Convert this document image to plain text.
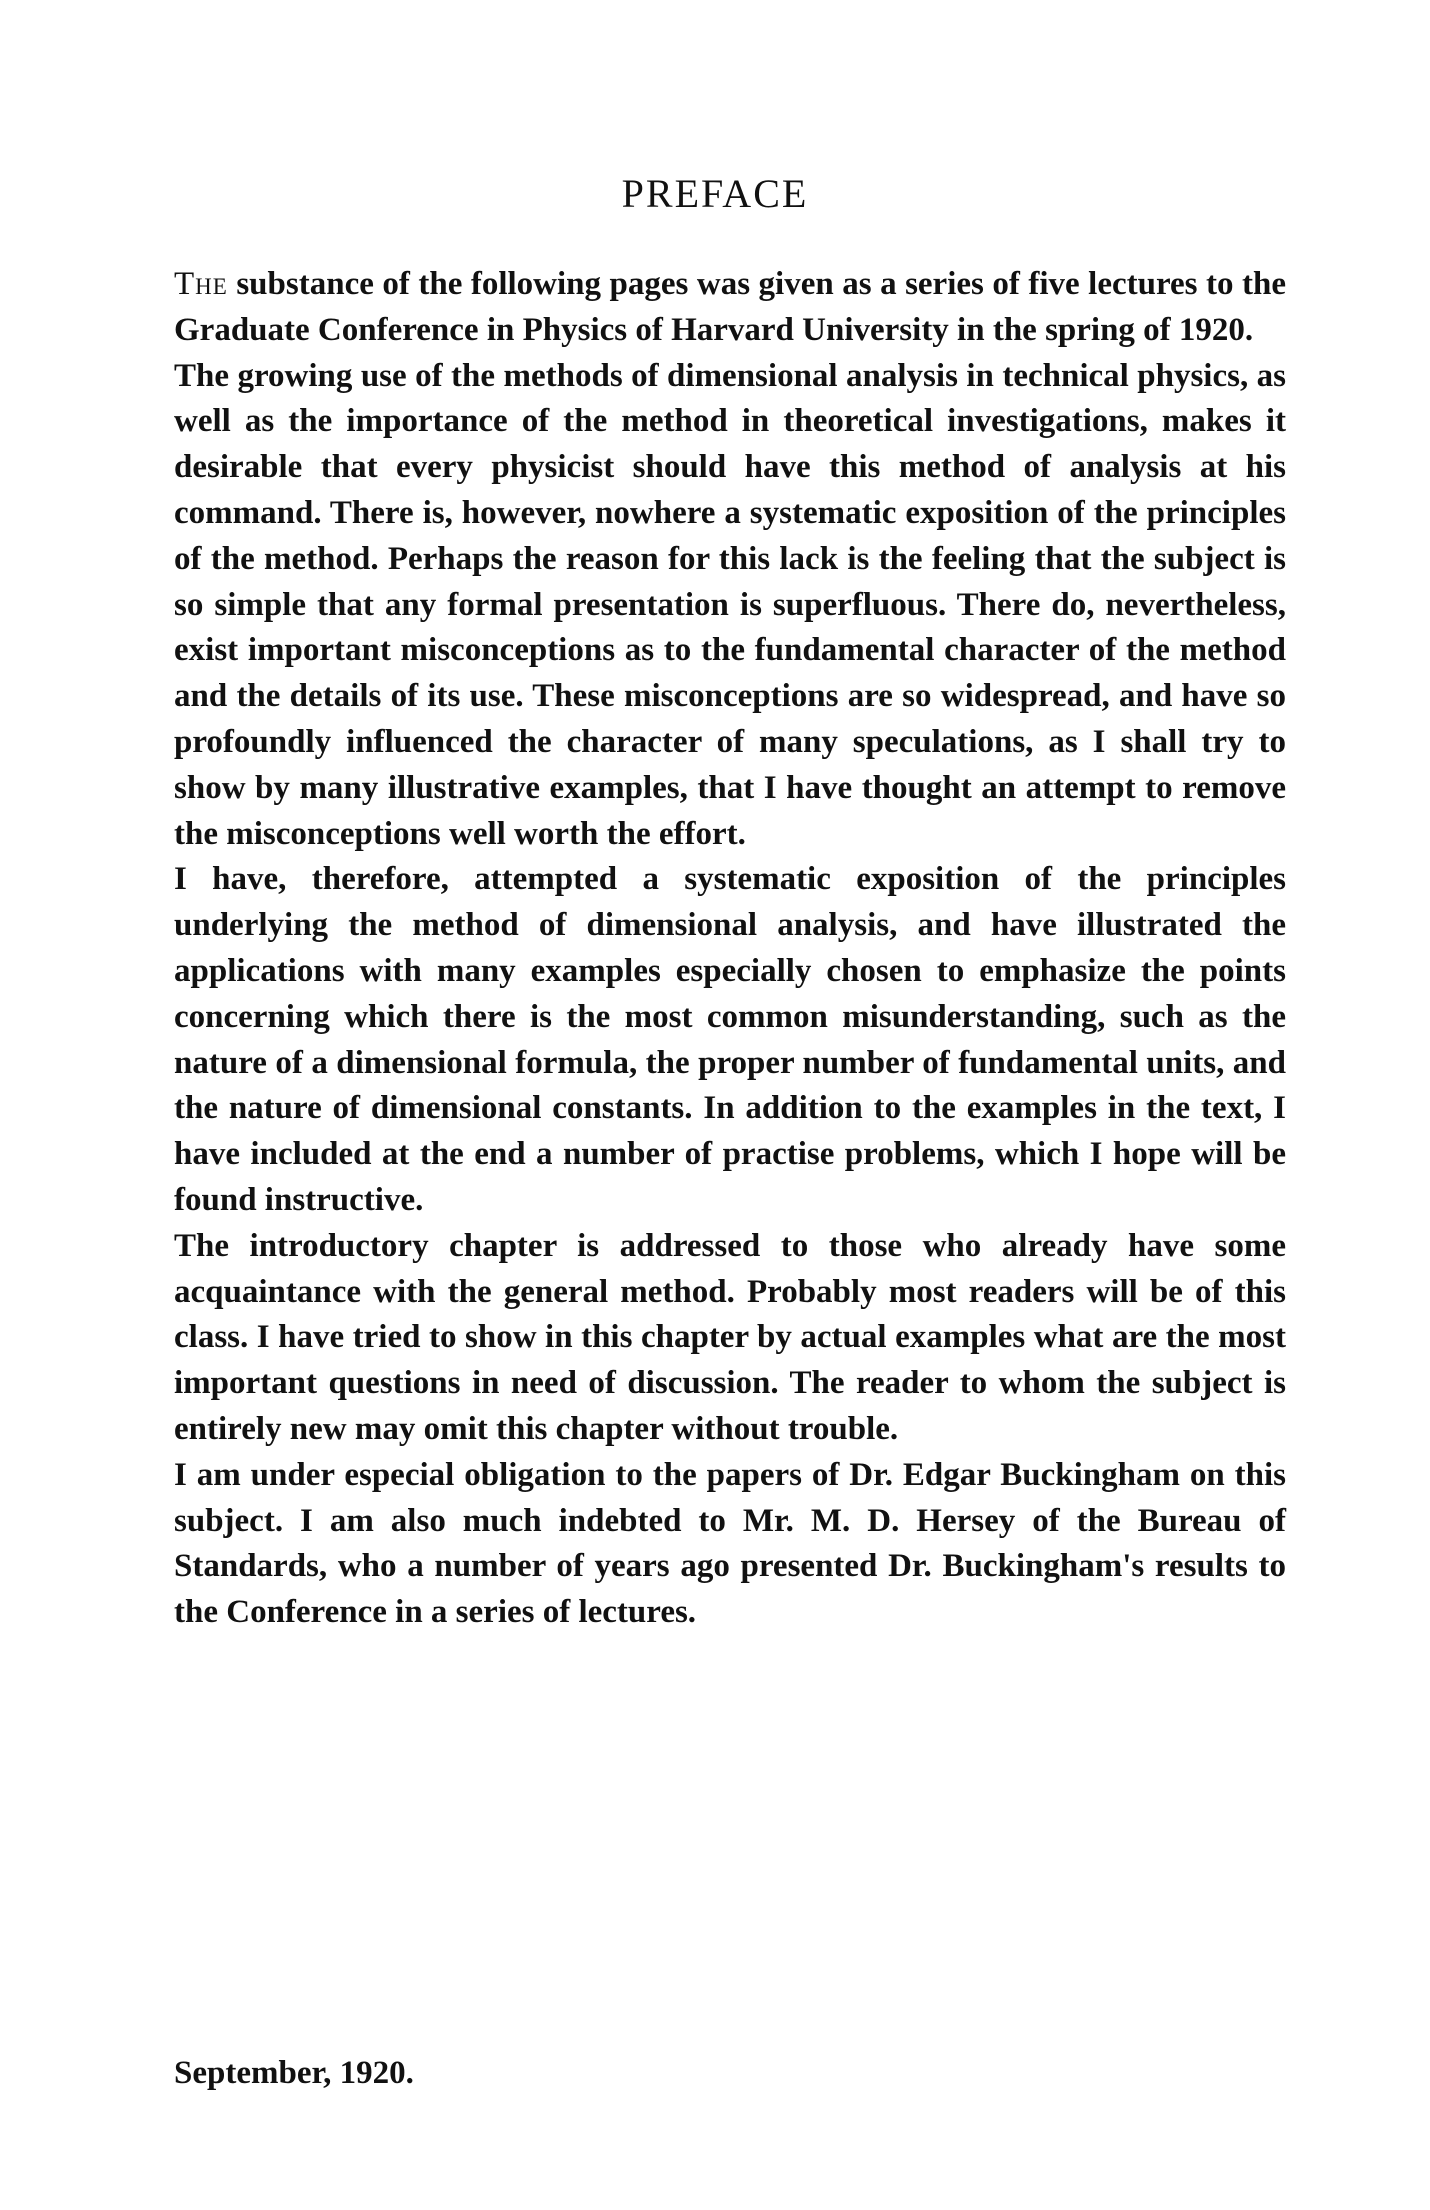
PREFACE

The substance of the following pages was given as a series of five lectures to the Graduate Conference in Physics of Harvard University in the spring of 1920.

The growing use of the methods of dimensional analysis in technical physics, as well as the importance of the method in theoretical investigations, makes it desirable that every physicist should have this method of analysis at his command. There is, however, nowhere a systematic exposition of the principles of the method. Perhaps the reason for this lack is the feeling that the subject is so simple that any formal presentation is superfluous. There do, nevertheless, exist important misconceptions as to the fundamental character of the method and the details of its use. These misconceptions are so widespread, and have so profoundly influenced the character of many speculations, as I shall try to show by many illustrative examples, that I have thought an attempt to remove the misconceptions well worth the effort.

I have, therefore, attempted a systematic exposition of the principles underlying the method of dimensional analysis, and have illustrated the applications with many examples especially chosen to emphasize the points concerning which there is the most common misunderstanding, such as the nature of a dimensional formula, the proper number of fundamental units, and the nature of dimensional constants. In addition to the examples in the text, I have included at the end a number of practise problems, which I hope will be found instructive.

The introductory chapter is addressed to those who already have some acquaintance with the general method. Probably most readers will be of this class. I have tried to show in this chapter by actual examples what are the most important questions in need of discussion. The reader to whom the subject is entirely new may omit this chapter without trouble.

I am under especial obligation to the papers of Dr. Edgar Buckingham on this subject. I am also much indebted to Mr. M. D. Hersey of the Bureau of Standards, who a number of years ago presented Dr. Buckingham's results to the Conference in a series of lectures.

September, 1920.
